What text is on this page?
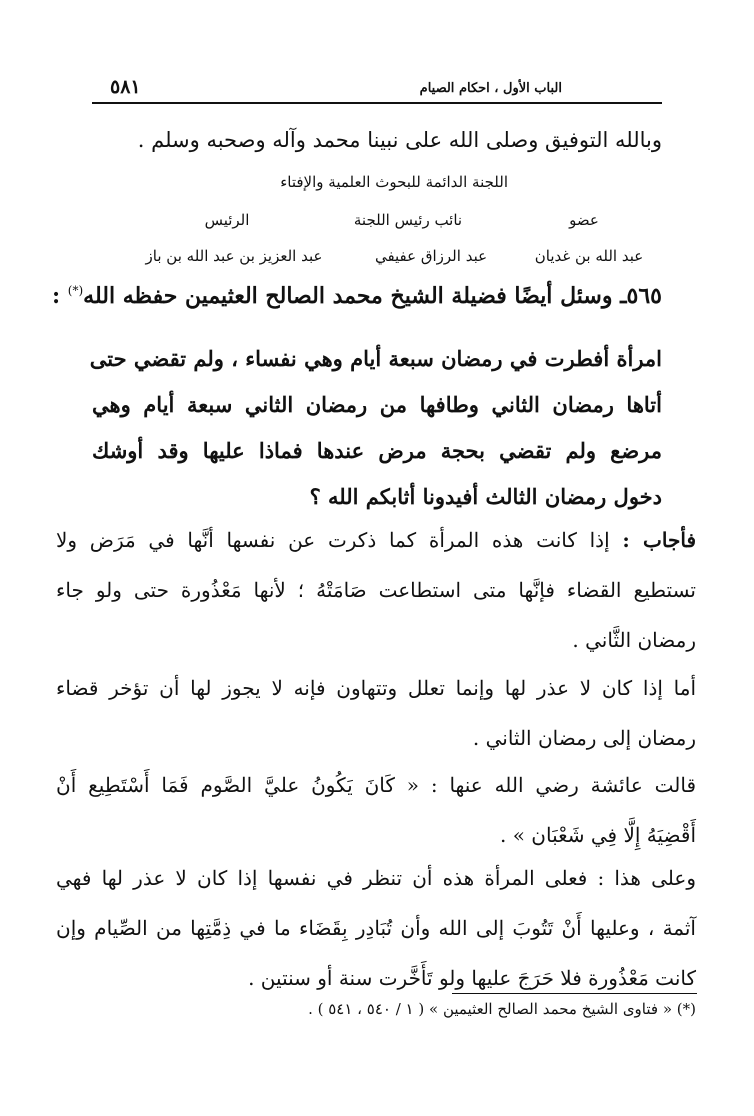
٥٨١	الباب الأول ، احكام الصيام
وبالله التوفيق وصلى الله على نبينا محمد وآله وصحبه وسلم .
اللجنة الدائمة للبحوث العلمية والإفتاء
عضو
نائب رئيس اللجنة
الرئيس
عبد الله بن غديان
عبد الرزاق عفيفي
عبد العزيز بن عبد الله بن باز
٥٦٥ـ وسئل أيضًا فضيلة الشيخ محمد الصالح العثيمين حفظه الله(*) :
امرأة أفطرت في رمضان سبعة أيام وهي نفساء ، ولم تقضي حتى
أتاها رمضان الثاني وطافها من رمضان الثاني سبعة أيام وهي
مرضع ولم تقضي بحجة مرض عندها فماذا عليها وقد أوشك
دخول رمضان الثالث أفيدونا أثابكم الله ؟
فأجاب : إذا كانت هذه المرأة كما ذكرت عن نفسها أنَّها في مَرَض ولا
تستطيع القضاء فإنَّها متى استطاعت صَامَتْهُ ؛ لأنها مَعْذُورة حتى ولو جاء
رمضان الثَّاني .
أما إذا كان لا عذر لها وإنما تعلل وتتهاون فإنه لا يجوز لها أن تؤخر قضاء
رمضان إلى رمضان الثاني .
قالت عائشة رضي الله عنها : « كَانَ يَكُونُ عليَّ الصَّوم فَمَا أَسْتَطِيع أَنْ
أَقْضِيَهُ إِلَّا فِي شَعْبَان » .
وعلى هذا : فعلى المرأة هذه أن تنظر في نفسها إذا كان لا عذر لها فهي
آثمة ، وعليها أَنْ تَتُوبَ إلى الله وأن تُبَادِر بِقَضَاء ما في ذِمَّتِها من الصِّيام وإن
كانت مَعْذُورة فلا حَرَجَ عليها ولو تَأَخَّرت سنة أو سنتين .
(*) « فتاوى الشيخ محمد الصالح العثيمين » ( ١ / ٥٤٠ ، ٥٤١ ) .
